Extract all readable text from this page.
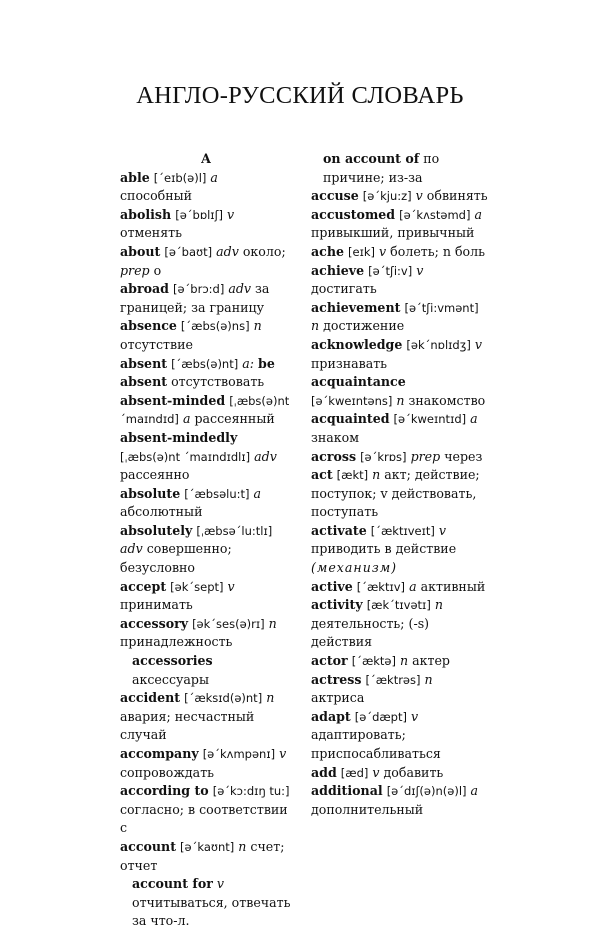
АНГЛО-РУССКИЙ СЛОВАРЬ
А
able [ˊeɪb(ə)l] a способный
abolish [əˊbɒlɪʃ] v отменять
about [əˊbaʊt] adv около;
prep о
abroad [əˊbrɔ:d] adv за границей; за границу
absence [ˊæbs(ə)ns] n отсутствие
absent [ˊæbs(ə)nt] a: be absent отсутствовать
absent-minded [ˌæbs(ə)nt ˊmaɪndɪd] a рассеянный
absent-mindedly [ˌæbs(ə)nt ˊmaɪndɪdlɪ] adv рассеянно
absolute [ˊæbsəlu:t] a абсолютный
absolutely [ˌæbsəˊlu:tlɪ] adv совершенно; безусловно
accept [əkˊsept] v принимать
accessory [əkˊses(ə)rɪ] n принадлежность
accessories аксессуары
accident [ˊæksɪd(ə)nt] n авария; несчастный случай
accompany [əˊkʌmpənɪ] v сопровождать
according to [əˊkɔ:dɪŋ tu:] согласно; в соответствии с
account [əˊkaʊnt] n счет; отчет
account for v отчитываться, отвечать за что-л.
on account of по причине; из-за
accuse [əˊkju:z] v обвинять
accustomed [əˊkʌstəmd] a привыкший, привычный
ache [eɪk] v болеть; n боль
achieve [əˊtʃi:v] v достигать
achievement [əˊtʃi:vmənt] n достижение
acknowledge [əkˊnɒlɪdʒ] v признавать
acquaintance [əˊkweɪntəns] n знакомство
acquainted [əˊkweɪntɪd] a знаком
across [əˊkrɒs] prep через
act [ækt] n акт; действие; поступок; v действовать, поступать
activate [ˊæktɪveɪt] v приводить в действие (механизм)
active [ˊæktɪv] a активный
activity [ækˊtɪvətɪ] n деятельность; (-s) действия
actor [ˊæktə] n актер
actress [ˊæktrəs] n актриса
adapt [əˊdæpt] v адаптировать; приспосабливаться
add [æd] v добавить
additional [əˊdɪʃ(ə)n(ə)l] a дополнительный
